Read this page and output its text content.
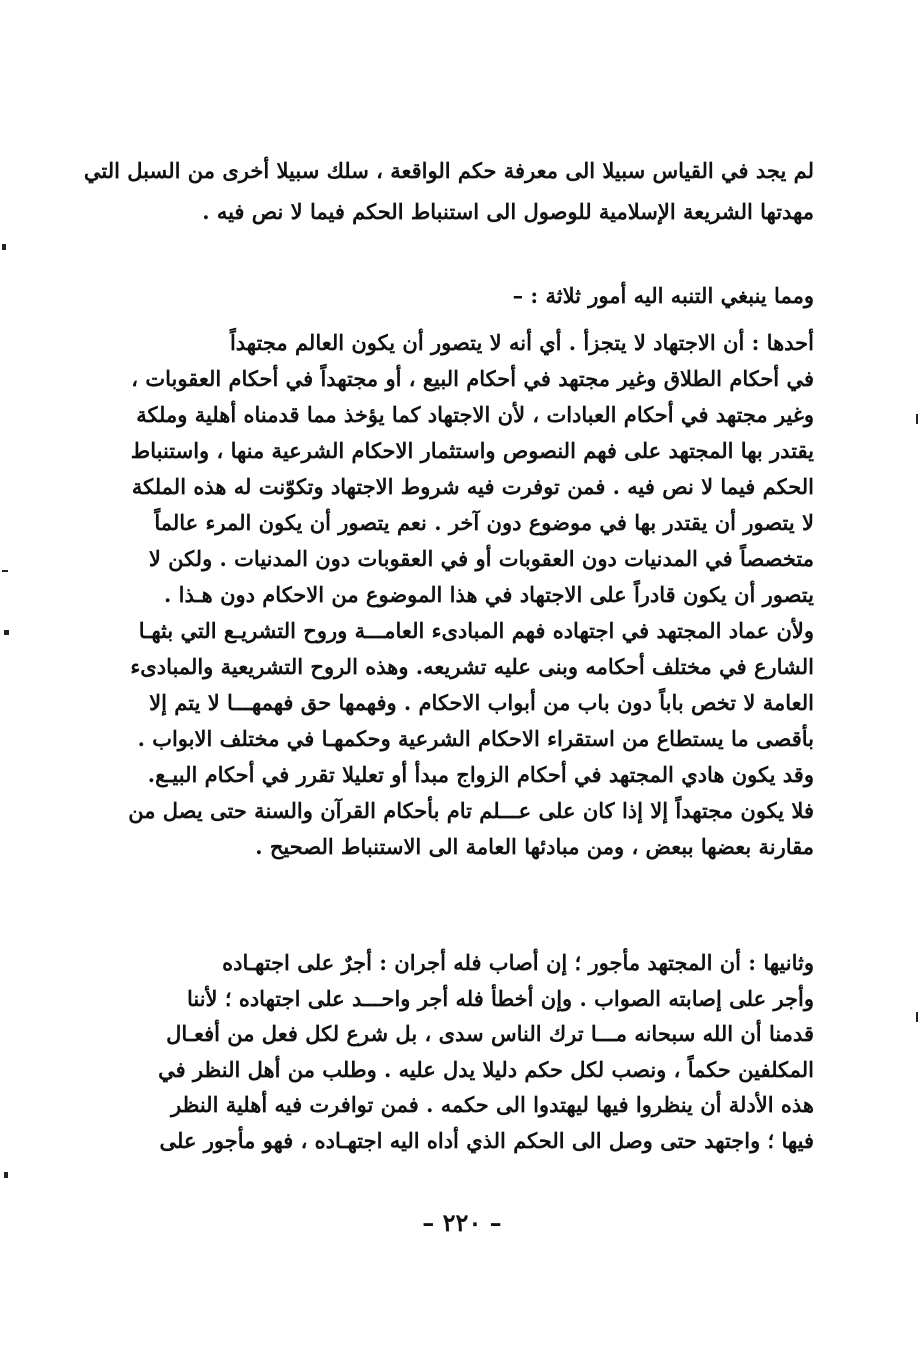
لم يجد في القياس سبيلا الى معرفة حكم الواقعة ، سلك سبيلا أخرى من السبل التي
مهدتها الشريعة الإسلامية للوصول الى استنباط الحكم فيما لا نص فيه .
ومما ينبغي التنبه اليه أمور ثلاثة : –
أحدها : أن الاجتهاد لا يتجزأ . أي أنه لا يتصور أن يكون العالم مجتهداً
في أحكام الطلاق وغير مجتهد في أحكام البيع ، أو مجتهداً في أحكام العقوبات ،
وغير مجتهد في أحكام العبادات ، لأن الاجتهاد كما يؤخذ مما قدمناه أهلية وملكة
يقتدر بها المجتهد على فهم النصوص واستثمار الاحكام الشرعية منها ، واستنباط
الحكم فيما لا نص فيه . فمن توفرت فيه شروط الاجتهاد وتكوّنت له هذه الملكة
لا يتصور أن يقتدر بها في موضوع دون آخر . نعم يتصور أن يكون المرء عالماً
متخصصاً في المدنيات دون العقوبات أو في العقوبات دون المدنيات . ولكن لا
يتصور أن يكون قادراً على الاجتهاد في هذا الموضوع من الاحكام دون هـذا .
ولأن عماد المجتهد في اجتهاده فهم المبادىء العامـــة وروح التشريـع التي بثهـا
الشارع في مختلف أحكامه وبنى عليه تشريعه. وهذه الروح التشريعية والمبادىء
العامة لا تخص باباً دون باب من أبواب الاحكام . وفهمها حق فهمهـــا لا يتم إلا
بأقصى ما يستطاع من استقراء الاحكام الشرعية وحكمهـا في مختلف الابواب .
وقد يكون هادي المجتهد في أحكام الزواج مبدأ أو تعليلا تقرر في أحكام البيـع.
فلا يكون مجتهداً إلا إذا كان على عـــلم تام بأحكام القرآن والسنة حتى يصل من
مقارنة بعضها ببعض ، ومن مبادئها العامة الى الاستنباط الصحيح .
وثانيها : أن المجتهد مأجور ؛ إن أصاب فله أجران : أجرٌ على اجتهـاده
وأجر على إصابته الصواب . وإن أخطأ فله أجر واحـــد على اجتهاده ؛ لأننا
قدمنا أن الله سبحانه مـــا ترك الناس سدى ، بل شرع لكل فعل من أفعـال
المكلفين حكماً ، ونصب لكل حكم دليلا يدل عليه . وطلب من أهل النظر في
هذه الأدلة أن ينظروا فيها ليهتدوا الى حكمه . فمن توافرت فيه أهلية النظر
فيها ؛ واجتهد حتى وصل الى الحكم الذي أداه اليه اجتهـاده ، فهو مأجور على
– ٢٢٠ –
